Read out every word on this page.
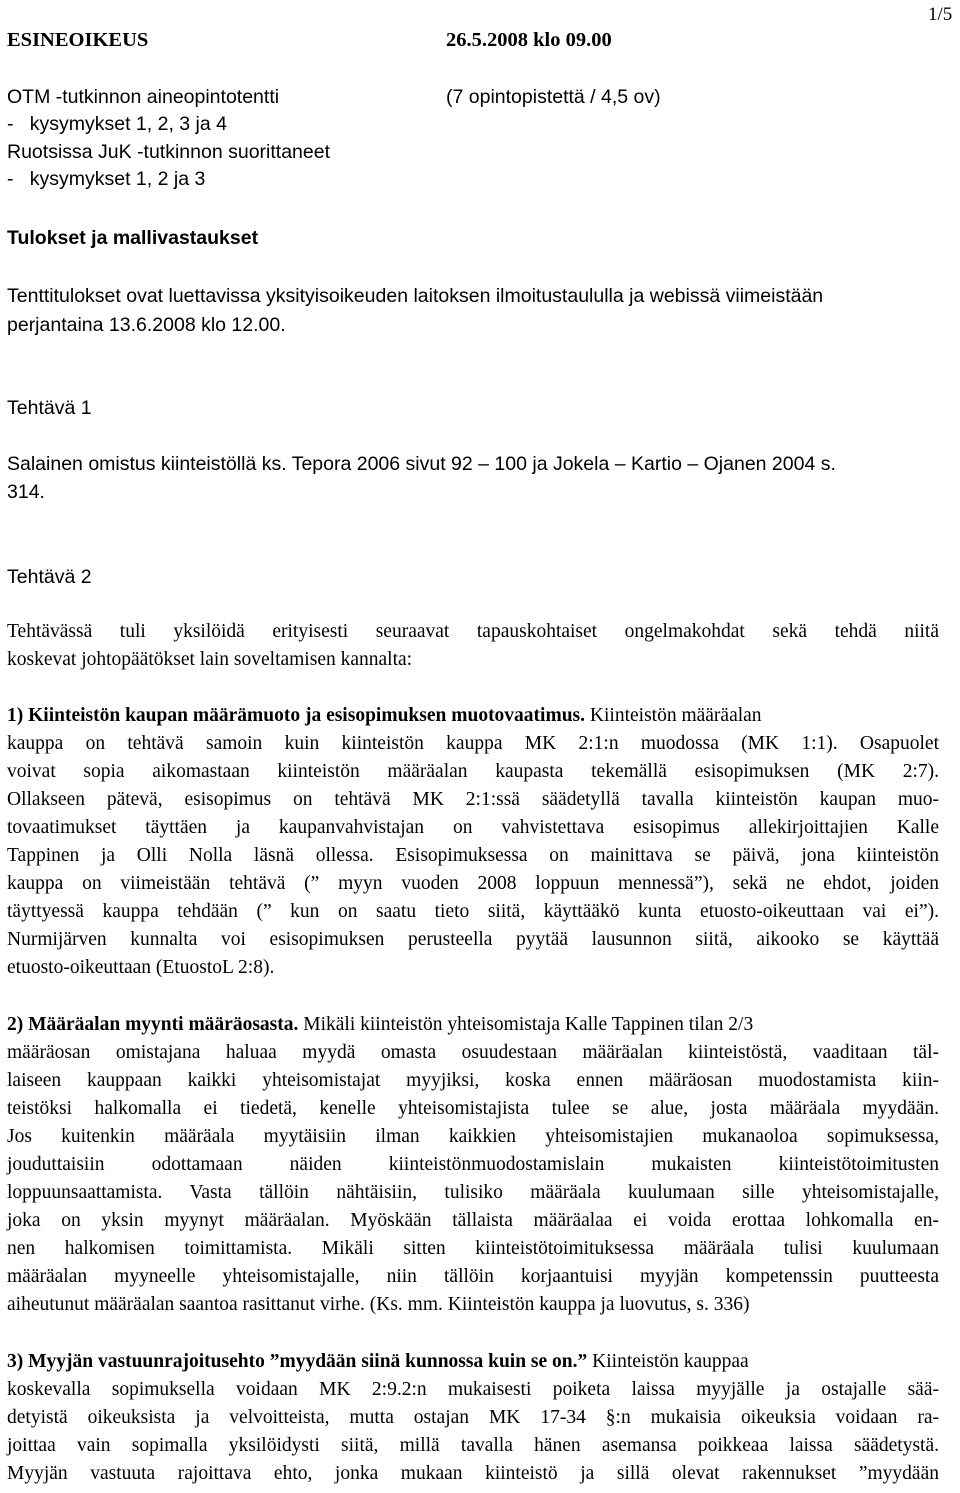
ESINEOIKEUS	26.5.2008 klo 09.00
1/5
OTM -tutkinnon aineopintotentti	(7 opintopistettä / 4,5 ov)
-   kysymykset 1, 2, 3 ja 4
Ruotsissa JuK -tutkinnon suorittaneet
-   kysymykset 1, 2 ja 3
Tulokset ja mallivastaukset
Tenttitulokset ovat luettavissa yksityisoikeuden laitoksen ilmoitustaululla ja webissä viimeistään
perjantaina 13.6.2008 klo 12.00.
Tehtävä 1
Salainen omistus kiinteistöllä ks. Tepora 2006 sivut 92 – 100 ja Jokela – Kartio – Ojanen 2004 s.
314.
Tehtävä 2
Tehtävässä tuli yksilöidä erityisesti seuraavat tapauskohtaiset ongelmakohdat sekä tehdä niitä
koskevat johtopäätökset lain soveltamisen kannalta:
1) Kiinteistön kaupan määrämuoto ja esisopimuksen muotovaatimus. Kiinteistön määräalan
kauppa on tehtävä samoin kuin kiinteistön kauppa MK 2:1:n muodossa (MK 1:1). Osapuolet
voivat sopia aikomastaan kiinteistön määräalan kaupasta tekemällä esisopimuksen (MK 2:7).
Ollakseen pätevä, esisopimus on tehtävä MK 2:1:ssä säädetyllä tavalla kiinteistön kaupan muo-
tovaatimukset täyttäen ja kaupanvahvistajan on vahvistettava esisopimus allekirjoittajien Kalle
Tappinen ja Olli Nolla läsnä ollessa. Esisopimuksessa on mainittava se päivä, jona kiinteistön
kauppa on viimeistään tehtävä (” myyn vuoden 2008 loppuun mennessä”), sekä ne ehdot, joiden
täyttyessä kauppa tehdään (” kun on saatu tieto siitä, käyttääkö kunta etuosto-oikeuttaan vai ei”).
Nurmijärven kunnalta voi esisopimuksen perusteella pyytää lausunnon siitä, aikooko se käyttää
etuosto-oikeuttaan (EtuostoL 2:8).
2) Määräalan myynti määräosasta. Mikäli kiinteistön yhteisomistaja Kalle Tappinen tilan 2/3
määräosan omistajana haluaa myydä omasta osuudestaan määräalan kiinteistöstä, vaaditaan täl-
laiseen kauppaan kaikki yhteisomistajat myyjiksi, koska ennen määräosan muodostamista kiin-
teistöksi halkomalla ei tiedetä, kenelle yhteisomistajista tulee se alue, josta määräala myydään.
Jos kuitenkin määräala myytäisiin ilman kaikkien yhteisomistajien mukanaoloa sopimuksessa,
jouduttaisiin odottamaan näiden kiinteistönmuodostamislain mukaisten kiinteistötoimitusten
loppuunsaattamista. Vasta tällöin nähtäisiin, tulisiko määräala kuulumaan sille yhteisomistajalle,
joka on yksin myynyt määräalan. Myöskään tällaista määräalaa ei voida erottaa lohkomalla en-
nen halkomisen toimittamista. Mikäli sitten kiinteistötoimituksessa määräala tulisi kuulumaan
määräalan myyneelle yhteisomistajalle, niin tällöin korjaantuisi myyjän kompetenssin puutteesta
aiheutunut määräalan saantoa rasittanut virhe. (Ks. mm. Kiinteistön kauppa ja luovutus, s. 336)
3) Myyjän vastuunrajoitusehto ”myydään siinä kunnossa kuin se on.” Kiinteistön kauppaa
koskevalla sopimuksella voidaan MK 2:9.2:n mukaisesti poiketa laissa myyjälle ja ostajalle sää-
detyistä oikeuksista ja velvoitteista, mutta ostajan MK 17-34 §:n mukaisia oikeuksia voidaan ra-
joittaa vain sopimalla yksilöidysti siitä, millä tavalla hänen asemansa poikkeaa laissa säädetystä.
Myyjän vastuuta rajoittava ehto, jonka mukaan kiinteistö ja sillä olevat rakennukset ”myydään
